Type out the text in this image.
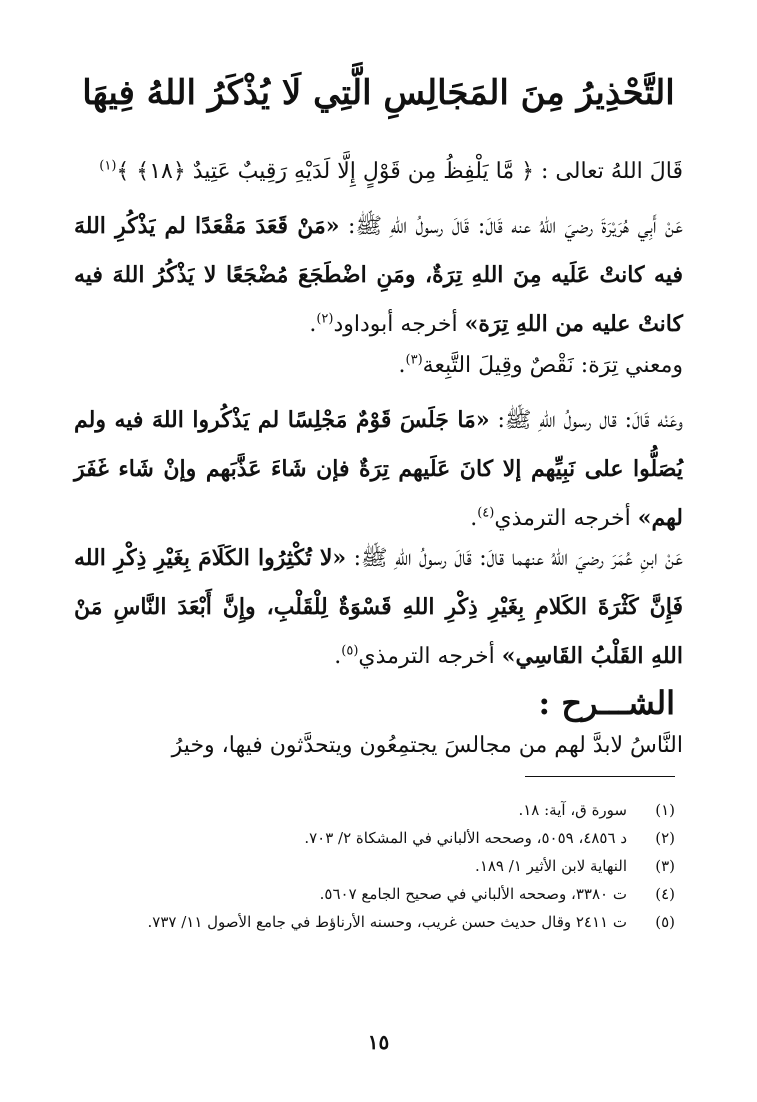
التَّحْذِيرُ مِنَ المَجَالِسِ الَّتِي لَا يُذْكَرُ اللهُ فِيهَا

قَالَ اللهُ تعالى : ﴿ مَّا يَلْفِظُ مِن قَوْلٍ إِلَّا لَدَيْهِ رَقِيبٌ عَتِيدٌ ﴿١٨﴾ ﴾$^{(١)}$

عَنْ أَبِي هُرَيْرَةَ رضيَ اللهُ عنه قَالَ: قَالَ رسولُ اللهِ ﷺ: «مَنْ قَعَدَ مَقْعَدًا لم يَذْكُرِ اللهَ فيه كانتْ عَلَيه مِنَ اللهِ تِرَةٌ، ومَنِ اضْطَجَعَ مُضْجَعًا لا يَذْكُرُ اللهَ فيه كانتْ عليه من اللهِ تِرَة» أخرجه أبوداود$^{(٢)}$.

ومعني تِرَة: نَقْصٌ وقِيلَ التَّبِعة$^{(٣)}$.

وعَنْه قَالَ: قال رسولُ اللهِ ﷺ: «مَا جَلَسَ قَوْمٌ مَجْلِسًا لم يَذْكُروا اللهَ فيه ولم يُصَلُّوا على نَبِيِّهم إلا كانَ عَلَيهم تِرَةٌ فإن شَاءَ عَذَّبَهم وإنْ شَاء غَفَرَ لهم» أخرجه الترمذي$^{(٤)}$.

عَنْ ابنِ عُمَرَ رضيَ اللهُ عنهما قالَ: قَالَ رسولُ اللهِ ﷺ: «لا تُكْثِرُوا الكَلَامَ بِغَيْرِ ذِكْرِ الله فَإِنَّ كَثْرَةَ الكَلامِ بِغَيْرِ ذِكْرِ اللهِ قَسْوَةٌ لِلْقَلْبِ، وإِنَّ أَبْعَدَ النَّاسِ مَنْ اللهِ القَلْبُ القَاسِي» أخرجه الترمذي$^{(٥)}$.

الشـــرح :

النَّاسُ لابدَّ لهم من مجالسَ يجتمِعُون ويتحدَّثون فيها، وخيرُ

(١)
سورة ق، آية: ١٨.
(٢)
د ٤٨٥٦، ٥٠٥٩، وصححه الألباني في المشكاة ٢/ ٧٠٣.
(٣)
النهاية لابن الأثير ١/ ١٨٩.
(٤)
ت ٣٣٨٠، وصححه الألباني في صحيح الجامع ٥٦٠٧.
(٥)
ت ٢٤١١ وقال حديث حسن غريب، وحسنه الأرناؤط في جامع الأصول ١١/ ٧٣٧.
١٥
